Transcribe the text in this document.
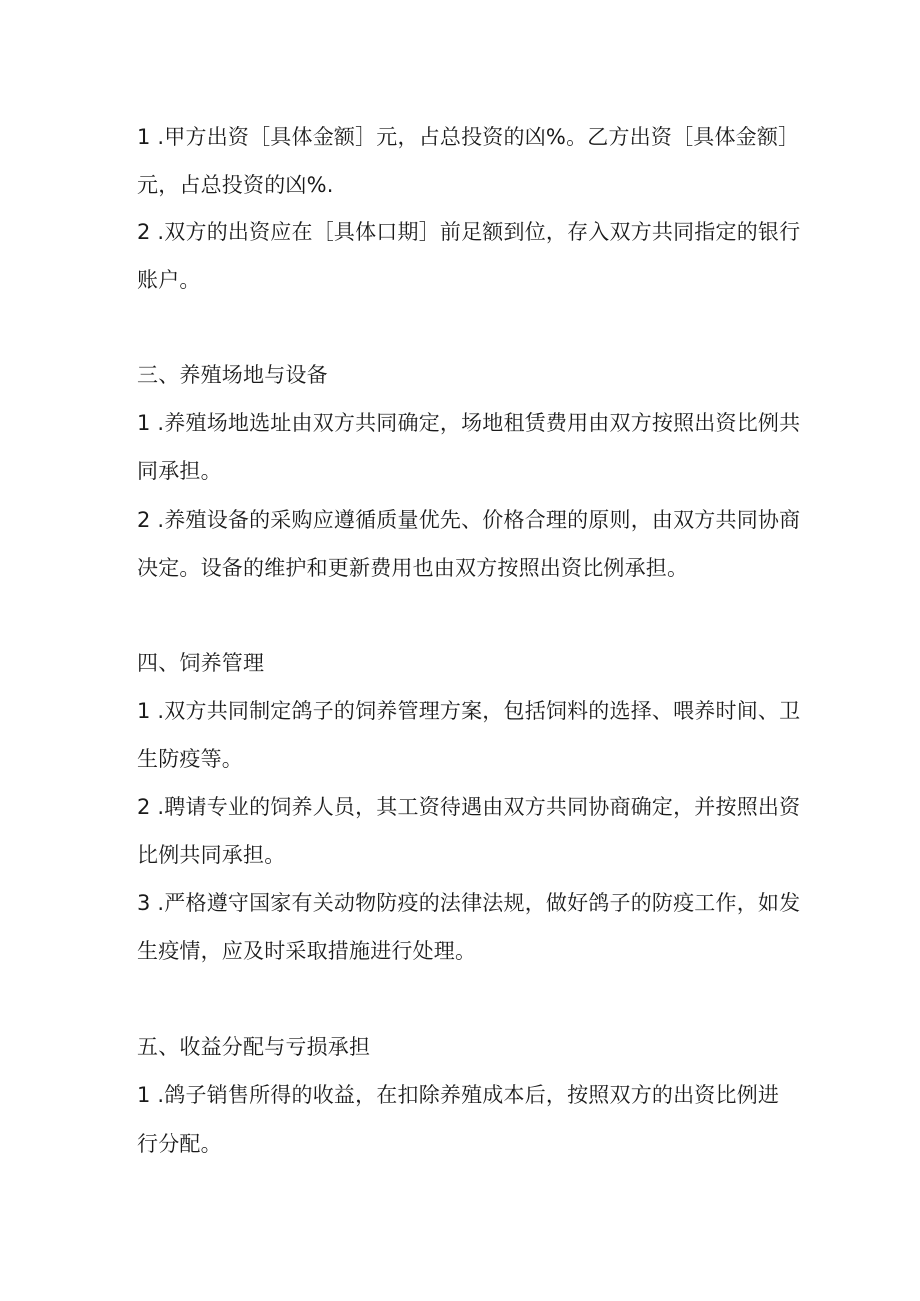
1 .甲方出资［具体金额］元，占总投资的凶%。乙方出资［具体金额］
元，占总投资的凶%.
2 .双方的出资应在［具体口期］前足额到位，存入双方共同指定的银行
账户。
三、养殖场地与设备
1 .养殖场地选址由双方共同确定，场地租赁费用由双方按照出资比例共
同承担。
2 .养殖设备的采购应遵循质量优先、价格合理的原则，由双方共同协商
决定。设备的维护和更新费用也由双方按照出资比例承担。
四、饲养管理
1 .双方共同制定鸽子的饲养管理方案，包括饲料的选择、喂养时间、卫
生防疫等。
2 .聘请专业的饲养人员，其工资待遇由双方共同协商确定，并按照出资
比例共同承担。
3 .严格遵守国家有关动物防疫的法律法规，做好鸽子的防疫工作，如发
生疫情，应及时采取措施进行处理。
五、收益分配与亏损承担
1 .鸽子销售所得的收益，在扣除养殖成本后，按照双方的出资比例进
行分配。
